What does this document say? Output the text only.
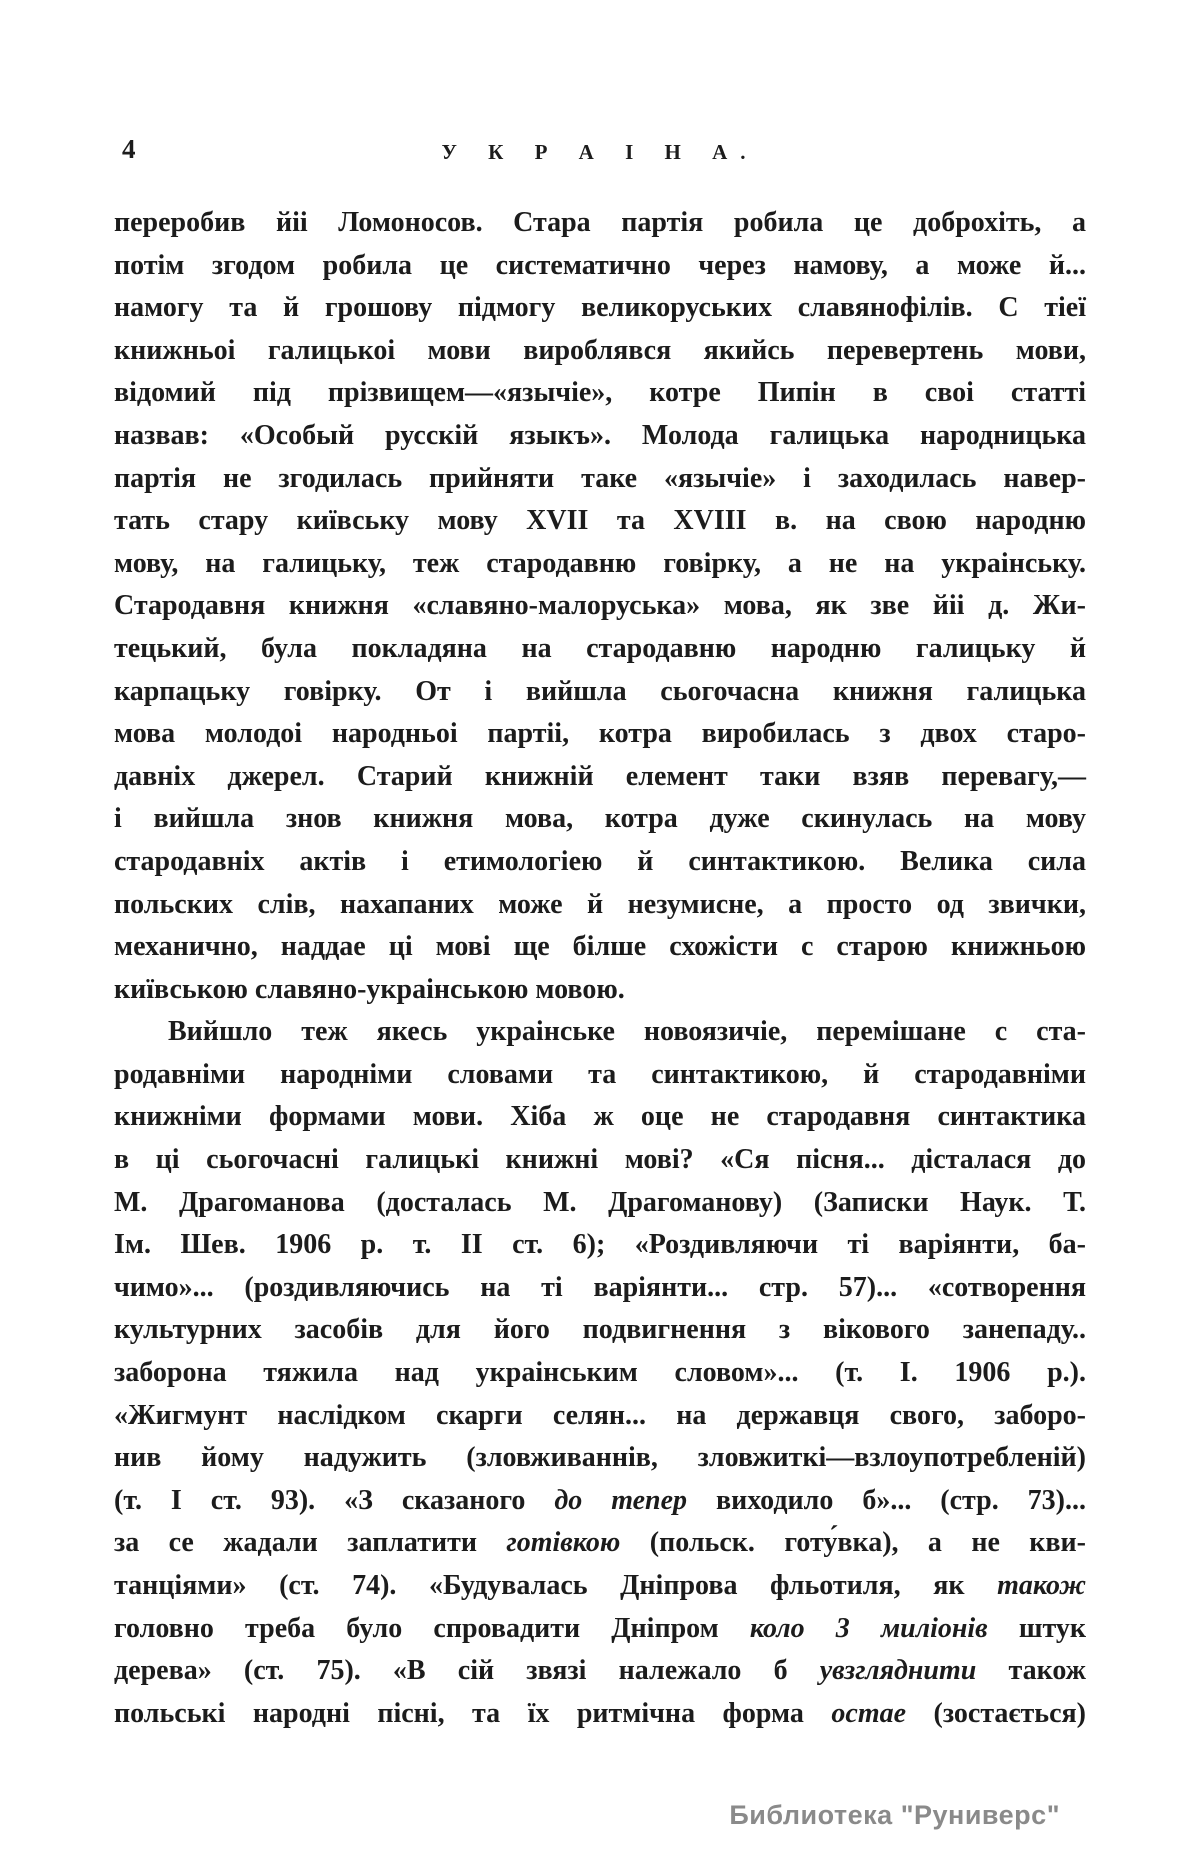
4	У К Р А І Н А.
переробив йіі Ломоносов. Стара партія робила це доброхіть, а
потім згодом робила це систематично через намову, а може й...
намогу та й грошову підмогу великоруських славянофілів. С тіеї
книжньоі галицькоі мови вироблявся якийсь перевертень мови,
відомий під прізвищем—«язычіе», котре Пипін в своі статті
назвав: «Особый русскій языкъ». Молода галицька народницька
партія не згодилась прийняти таке «язычіе» і заходилась навер-
тать стару київську мову XVII та XVIII в. на свою народню
мову, на галицьку, теж стародавню говірку, а не на украінську.
Стародавня книжня «славяно-малоруська» мова, як зве йіі д. Жи-
тецький, була покладяна на стародавню народню галицьку й
карпацьку говірку. От і вийшла сьогочасна книжня галицька
мова молодоі народньоі партіі, котра виробилась з двох старо-
давніх джерел. Старий книжній елемент таки взяв перевагу,—
і вийшла знов книжня мова, котра дуже скинулась на мову
стародавніх актів і етимологіею й синтактикою. Велика сила
польских слів, нахапаних може й незумисне, а просто од звички,
механично, наддае ці мові ще білше схожісти с старою книжньою
київською славяно-украінською мовою.
Вийшло теж якесь украінське новоязичіе, перемішане с ста-
родавніми народніми словами та синтактикою, й стародавніми
книжніми формами мови. Хіба ж оце не стародавня синтактика
в ці сьогочасні галицькі книжні мові? «Ся пісня... дісталася до
М. Драгоманова (досталась М. Драгоманову) (Записки Наук. Т.
Ім. Шев. 1906 р. т. II ст. 6); «Роздивляючи ті варіянти, ба-
чимо»... (роздивляючись на ті варіянти... стр. 57)... «сотворення
культурних засобів для його подвигнення з вікового занепаду..
заборона тяжила над украінським словом»... (т. I. 1906 р.).
«Жигмунт наслідком скарги селян... на державця свого, заборо-
нив йому надужить (зловживаннів, зловжиткі—взлоупотребленій)
(т. I ст. 93). «З сказаного до тепер виходило б»... (стр. 73)...
за се жадали заплатити готівкою (польск. готу́вка), а не кви-
танціями» (ст. 74). «Будувалась Дніпрова фльотиля, як також
головно треба було спровадити Дніпром коло 3 миліонів штук
дерева» (ст. 75). «В сій звязі належало б увзгляднити також
польські народні пісні, та їх ритмічна форма остае (зостається)
Библиотека "Руниверс"
